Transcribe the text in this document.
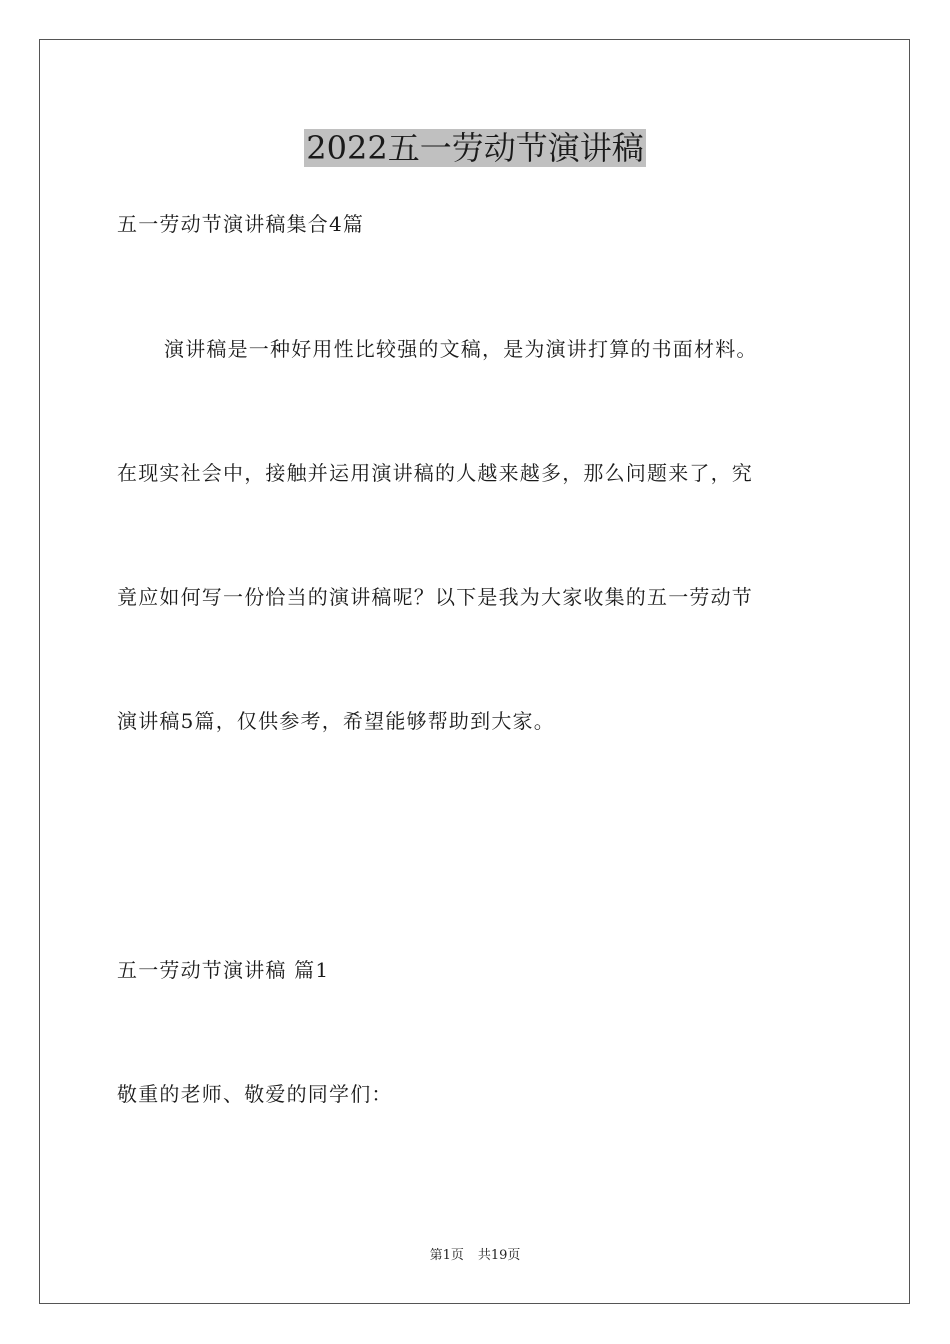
2022五一劳动节演讲稿
五一劳动节演讲稿集合4篇
演讲稿是一种好用性比较强的文稿，是为演讲打算的书面材料。
在现实社会中，接触并运用演讲稿的人越来越多，那么问题来了，究
竟应如何写一份恰当的演讲稿呢？以下是我为大家收集的五一劳动节
演讲稿5篇，仅供参考，希望能够帮助到大家。
五一劳动节演讲稿 篇1
敬重的老师、敬爱的同学们：
第1页 共19页
